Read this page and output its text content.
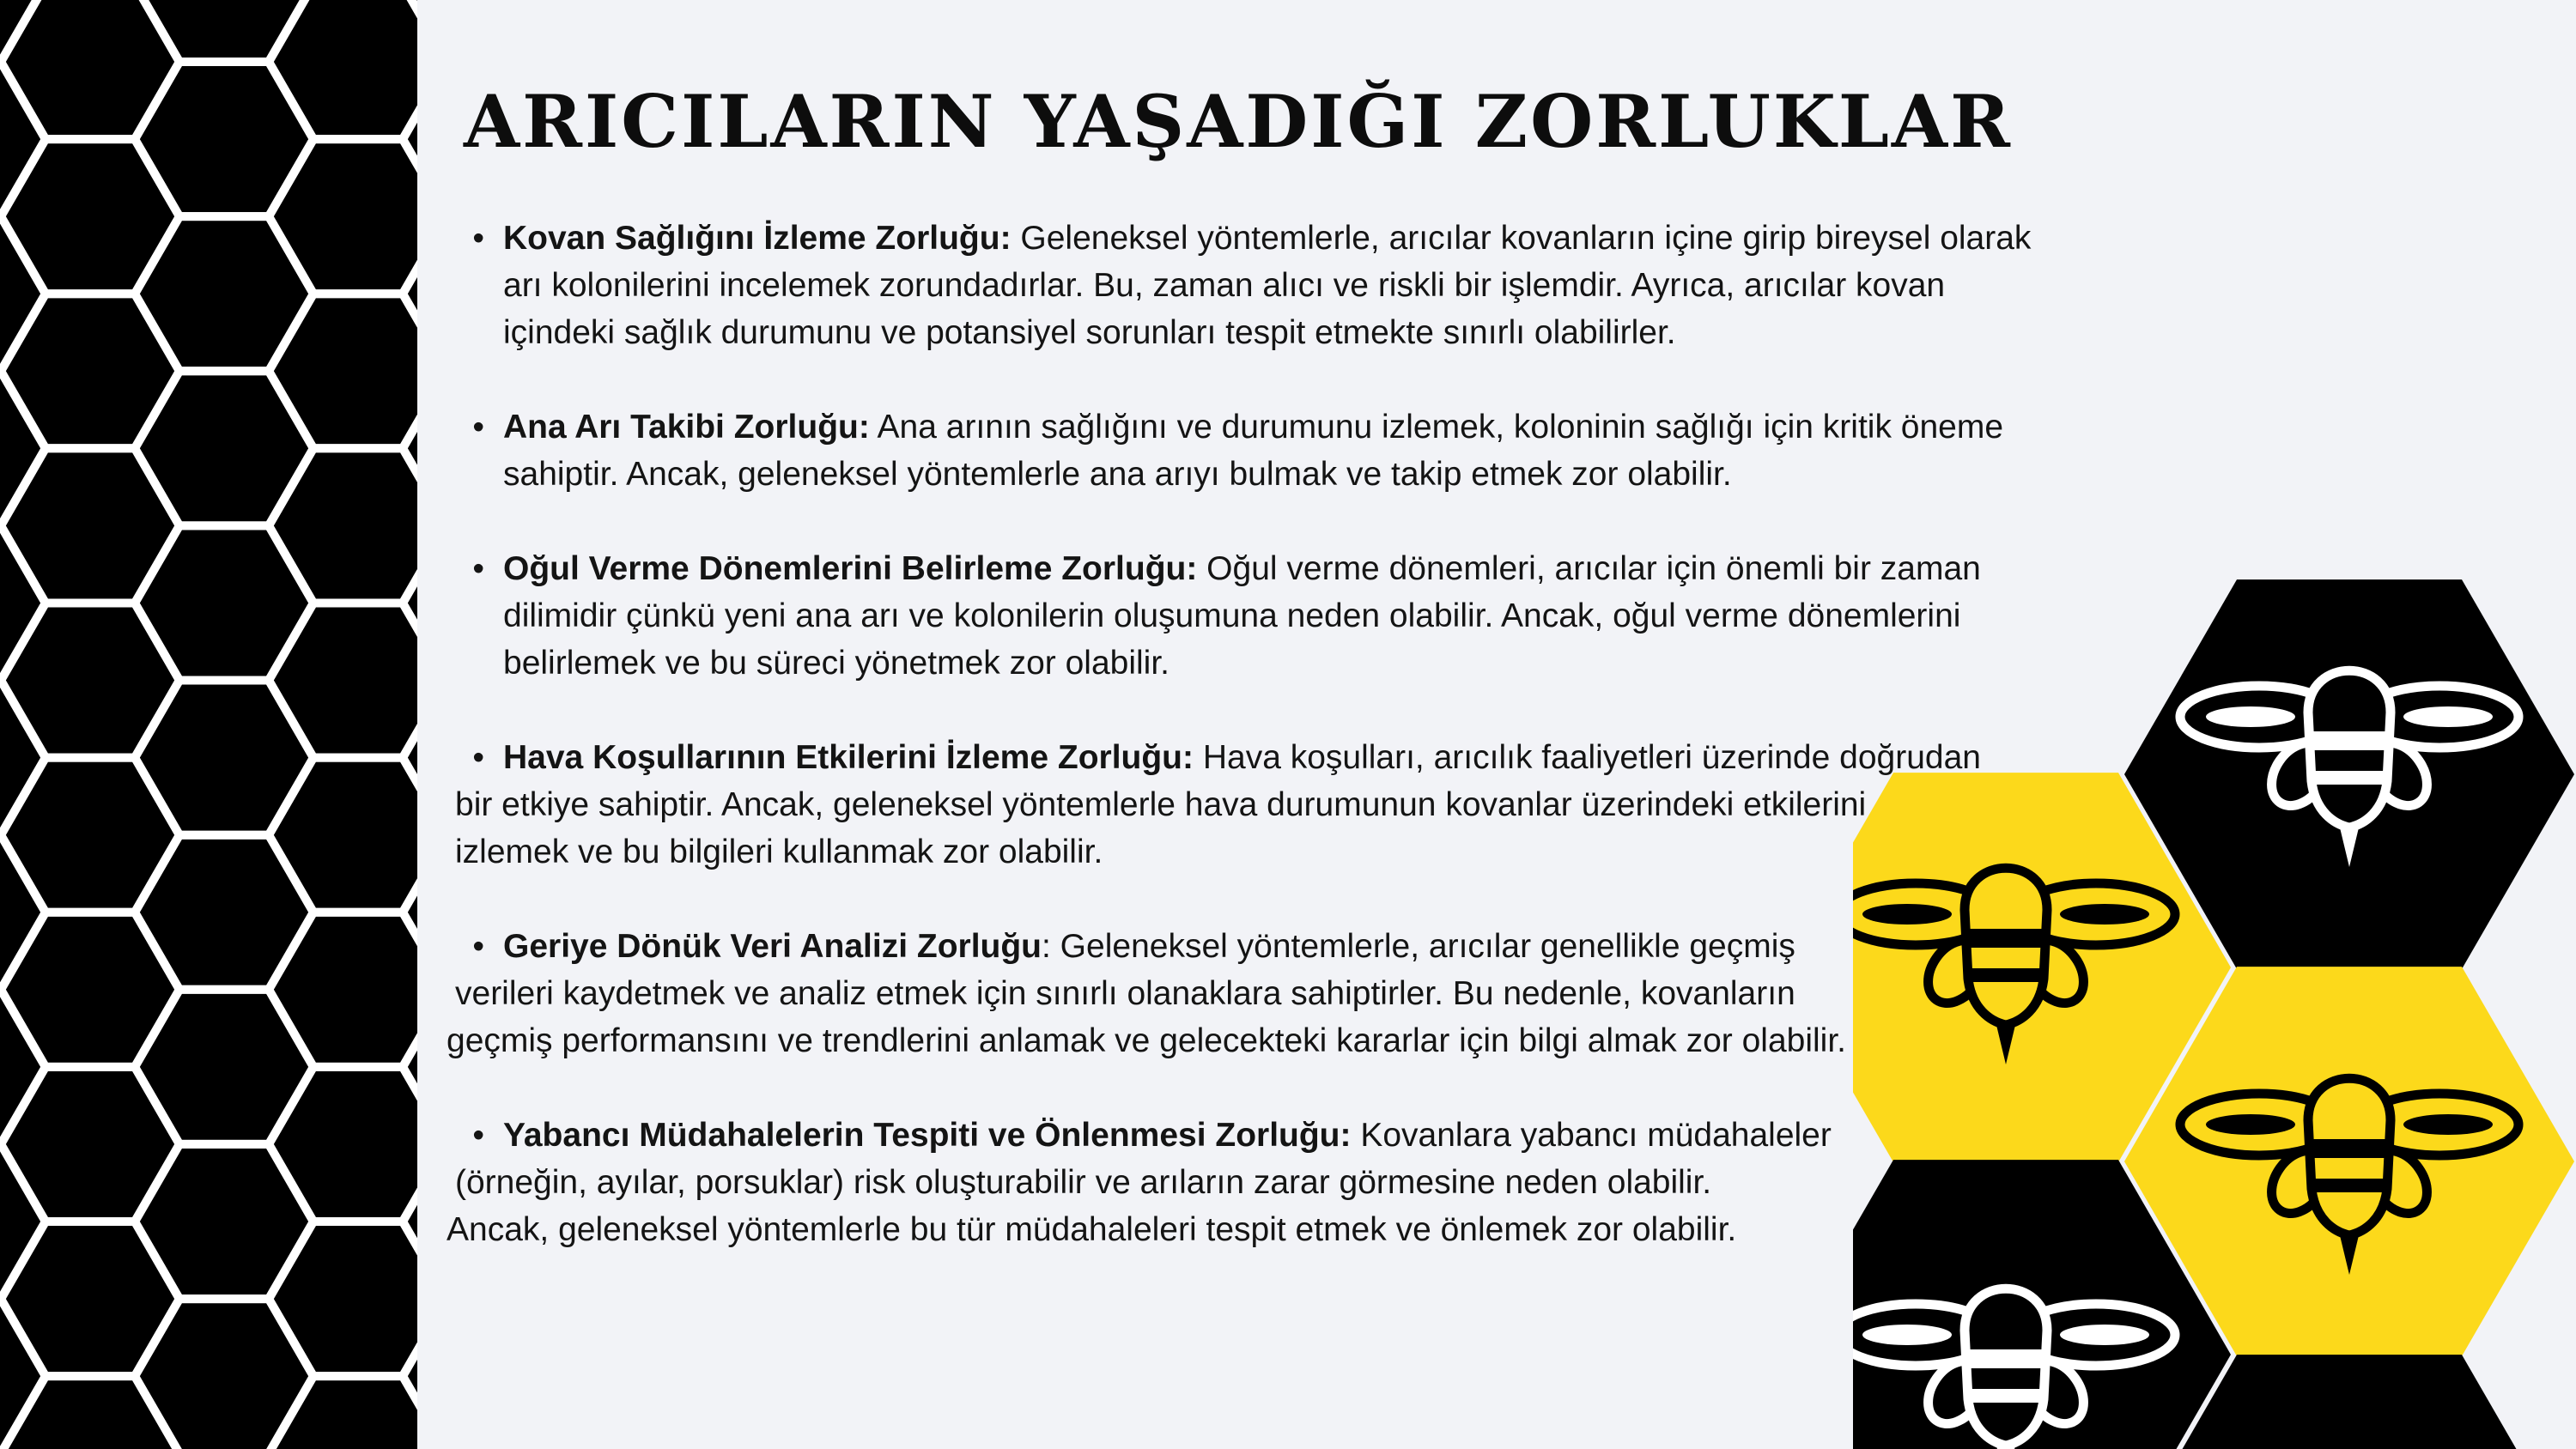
ARICILARIN YAŞADIĞI ZORLUKLAR
• Kovan Sağlığını İzleme Zorluğu: Geleneksel yöntemlerle, arıcılar kovanların içine girip bireysel olarak
arı kolonilerini incelemek zorundadırlar. Bu, zaman alıcı ve riskli bir işlemdir. Ayrıca, arıcılar kovan
içindeki sağlık durumunu ve potansiyel sorunları tespit etmekte sınırlı olabilirler.
• Ana Arı Takibi Zorluğu: Ana arının sağlığını ve durumunu izlemek, koloninin sağlığı için kritik öneme
sahiptir. Ancak, geleneksel yöntemlerle ana arıyı bulmak ve takip etmek zor olabilir.
• Oğul Verme Dönemlerini Belirleme Zorluğu: Oğul verme dönemleri, arıcılar için önemli bir zaman
dilimidir çünkü yeni ana arı ve kolonilerin oluşumuna neden olabilir. Ancak, oğul verme dönemlerini
belirlemek ve bu süreci yönetmek zor olabilir.
• Hava Koşullarının Etkilerini İzleme Zorluğu: Hava koşulları, arıcılık faaliyetleri üzerinde doğrudan
bir etkiye sahiptir. Ancak, geleneksel yöntemlerle hava durumunun kovanlar üzerindeki etkilerini
izlemek ve bu bilgileri kullanmak zor olabilir.
• Geriye Dönük Veri Analizi Zorluğu: Geleneksel yöntemlerle, arıcılar genellikle geçmiş
verileri kaydetmek ve analiz etmek için sınırlı olanaklara sahiptirler. Bu nedenle, kovanların
geçmiş performansını ve trendlerini anlamak ve gelecekteki kararlar için bilgi almak zor olabilir.
• Yabancı Müdahalelerin Tespiti ve Önlenmesi Zorluğu: Kovanlara yabancı müdahaleler
(örneğin, ayılar, porsuklar) risk oluşturabilir ve arıların zarar görmesine neden olabilir.
Ancak, geleneksel yöntemlerle bu tür müdahaleleri tespit etmek ve önlemek zor olabilir.
